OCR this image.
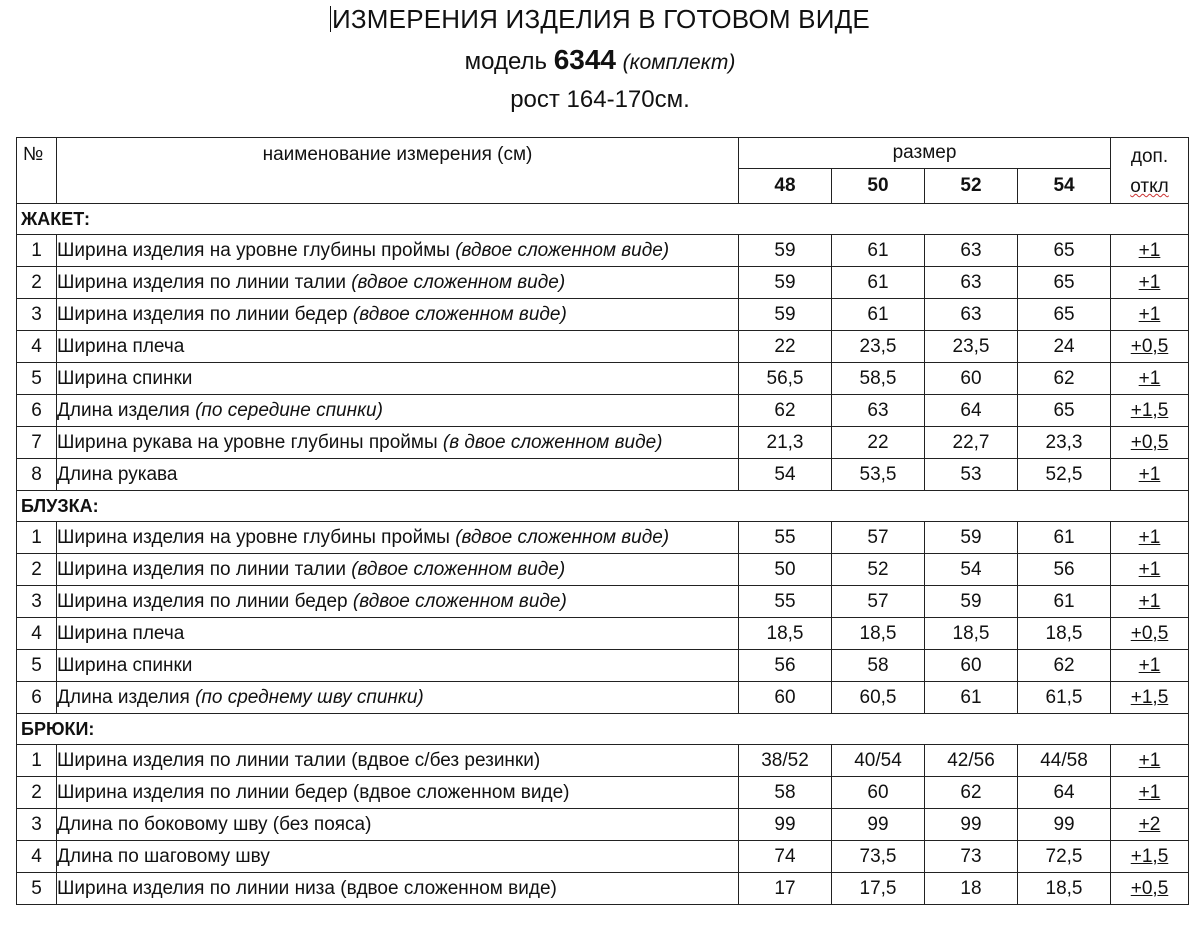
ИЗМЕРЕНИЯ ИЗДЕЛИЯ В ГОТОВОМ ВИДЕ
модель 6344 (комплект)
рост 164-170см.
№	наименование измерения (см)	размер				доп.
откл
		48	50	52	54	
ЖАКЕТ:						
1	Ширина изделия на уровне глубины проймы (вдвое сложенном виде)	59	61	63	65	+1
2	Ширина изделия по линии талии (вдвое сложенном виде)	59	61	63	65	+1
3	Ширина изделия по линии бедер (вдвое сложенном виде)	59	61	63	65	+1
4	Ширина плеча	22	23,5	23,5	24	+0,5
5	Ширина спинки	56,5	58,5	60	62	+1
6	Длина изделия (по середине спинки)	62	63	64	65	+1,5
7	Ширина рукава на уровне глубины проймы (в двое сложенном виде)	21,3	22	22,7	23,3	+0,5
8	Длина рукава	54	53,5	53	52,5	+1
БЛУЗКА:						
1	Ширина изделия на уровне глубины проймы (вдвое сложенном виде)	55	57	59	61	+1
2	Ширина изделия по линии талии (вдвое сложенном виде)	50	52	54	56	+1
3	Ширина изделия по линии бедер (вдвое сложенном виде)	55	57	59	61	+1
4	Ширина плеча	18,5	18,5	18,5	18,5	+0,5
5	Ширина спинки	56	58	60	62	+1
6	Длина изделия (по среднему шву спинки)	60	60,5	61	61,5	+1,5
БРЮКИ:						
1	Ширина изделия по линии талии (вдвое с/без резинки)	38/52	40/54	42/56	44/58	+1
2	Ширина изделия по линии бедер (вдвое сложенном виде)	58	60	62	64	+1
3	Длина по боковому шву (без пояса)	99	99	99	99	+2
4	Длина по шаговому шву	74	73,5	73	72,5	+1,5
5	Ширина изделия по линии низа (вдвое сложенном виде)	17	17,5	18	18,5	+0,5
